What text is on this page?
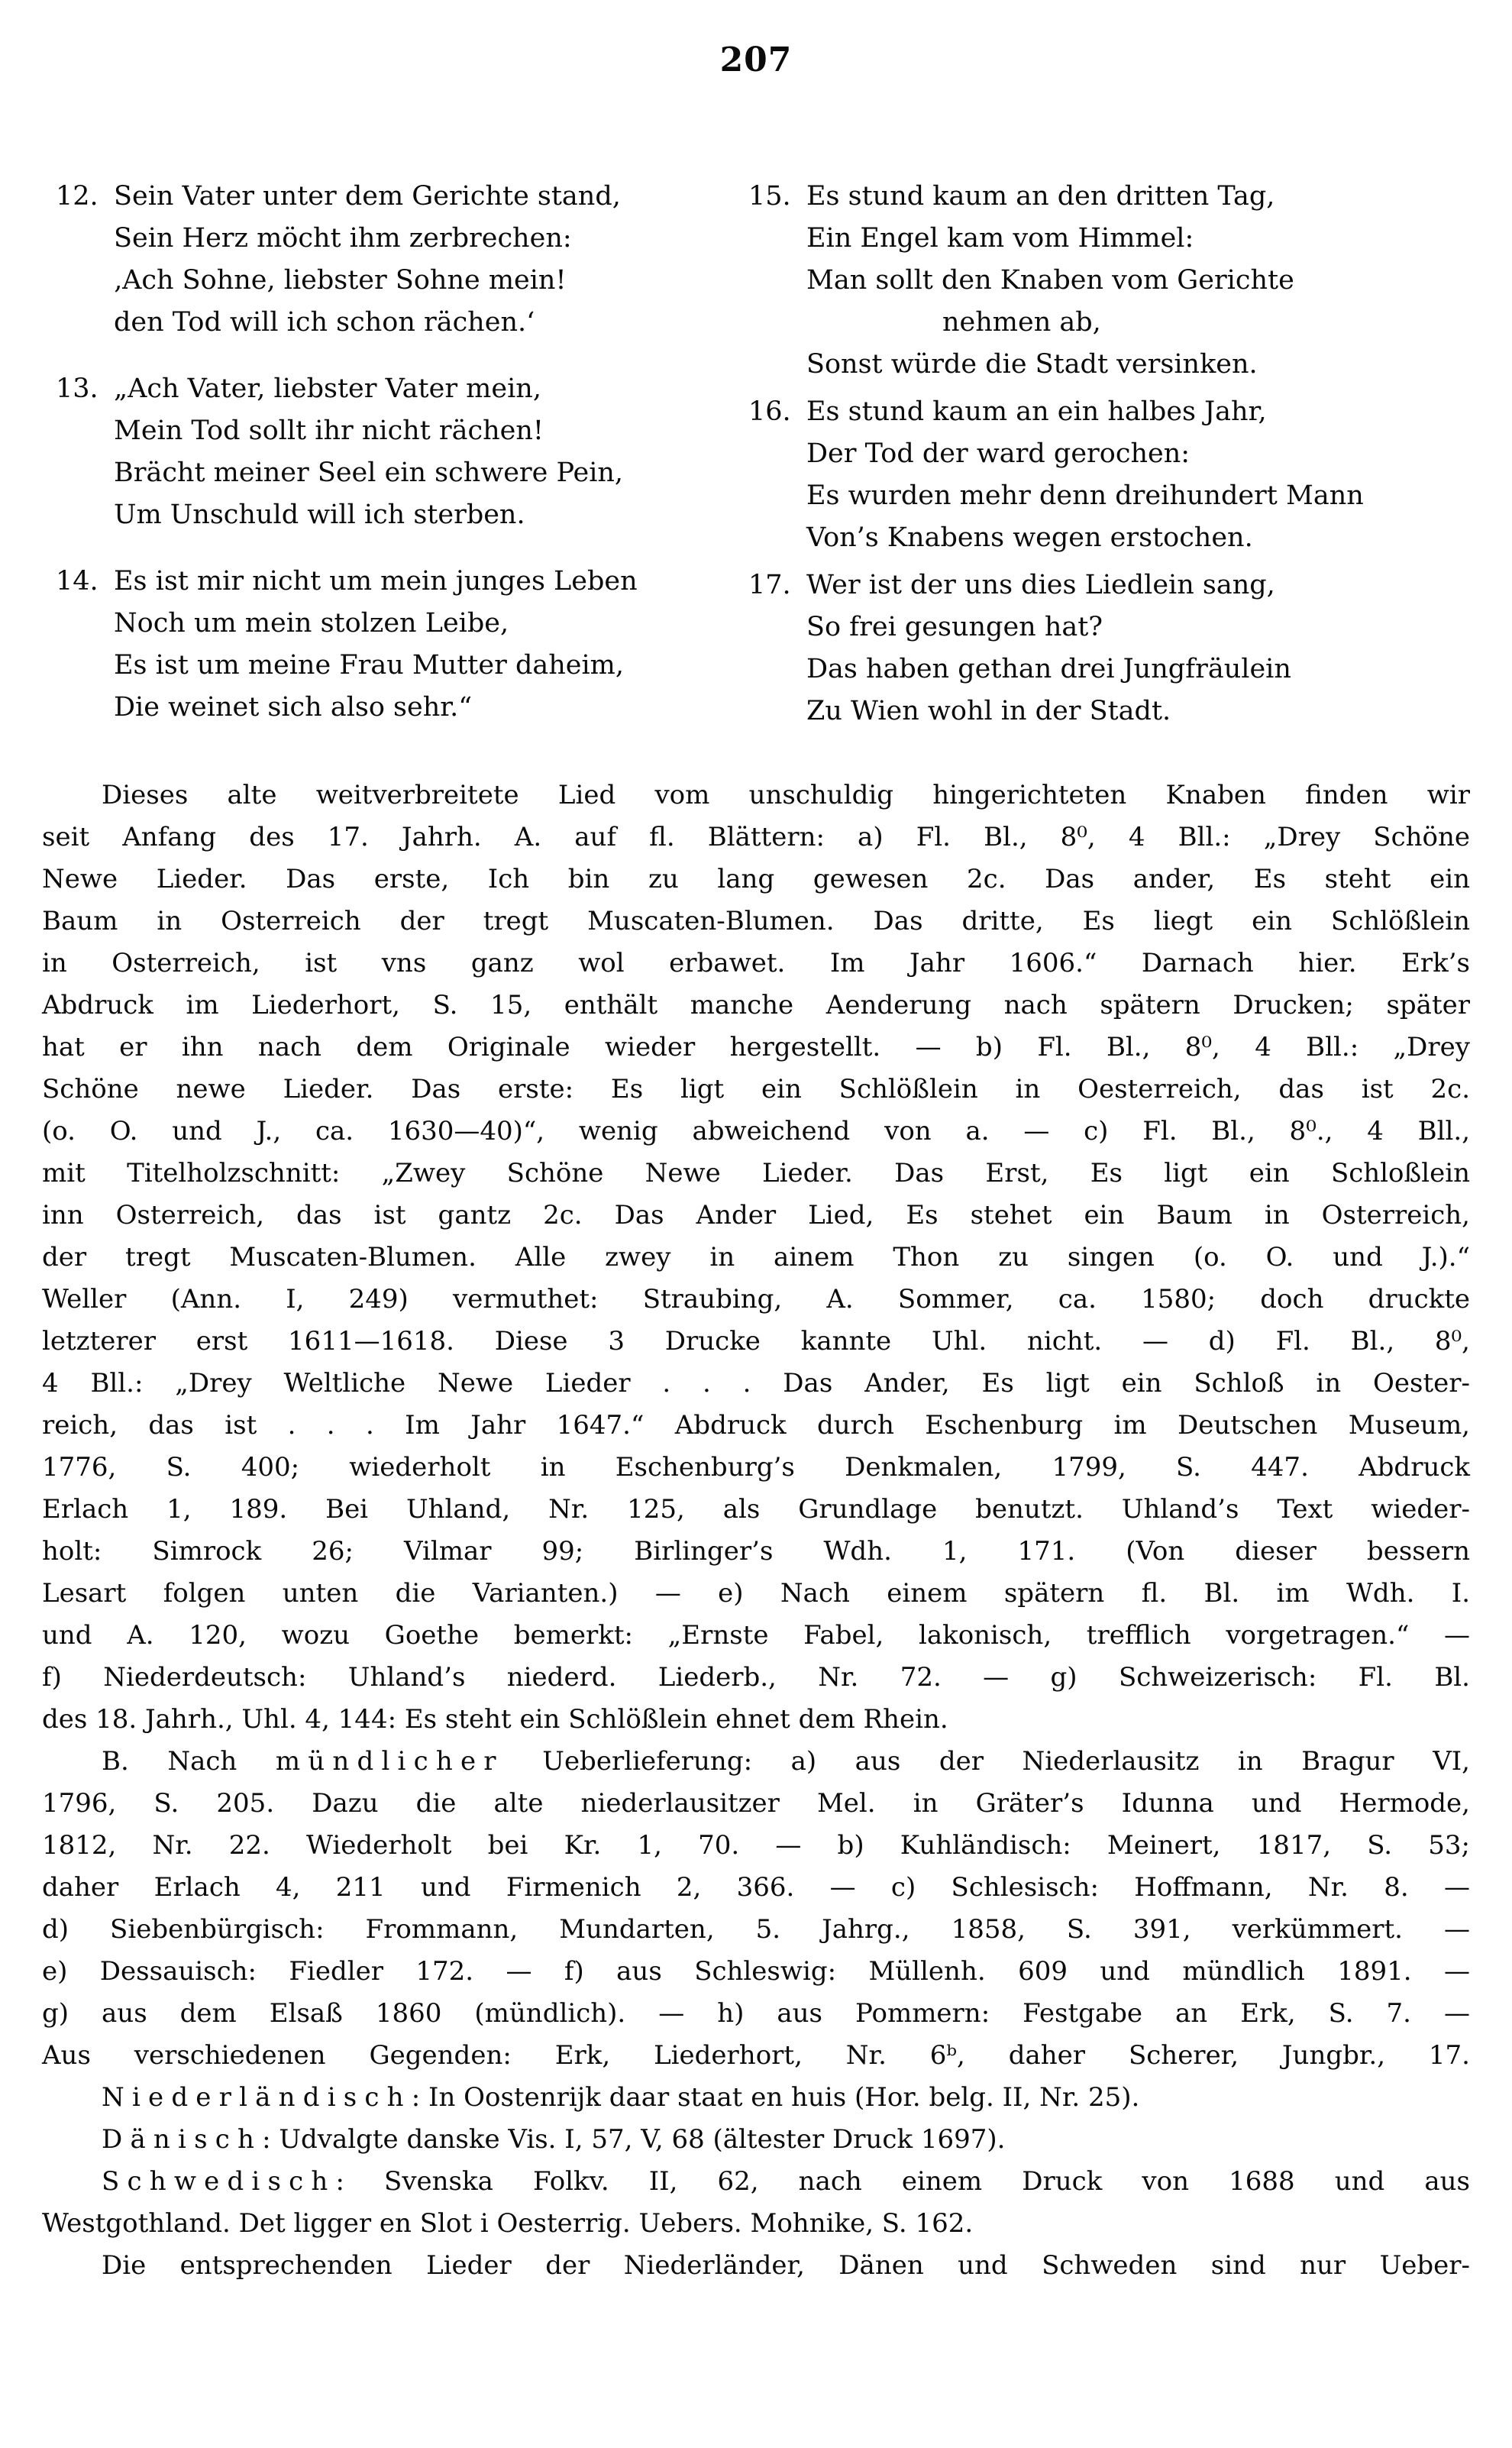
207
12. Sein Vater unter dem Gerichte stand,
Sein Herz möcht ihm zerbrechen:
‚Ach Sohne, liebster Sohne mein!
den Tod will ich schon rächen.‘
13. „Ach Vater, liebster Vater mein,
Mein Tod sollt ihr nicht rächen!
Brächt meiner Seel ein schwere Pein,
Um Unschuld will ich sterben.
14. Es ist mir nicht um mein junges Leben
Noch um mein stolzen Leibe,
Es ist um meine Frau Mutter daheim,
Die weinet sich also sehr.“
15. Es stund kaum an den dritten Tag,
Ein Engel kam vom Himmel:
Man sollt den Knaben vom Gerichte
nehmen ab,
Sonst würde die Stadt versinken.
16. Es stund kaum an ein halbes Jahr,
Der Tod der ward gerochen:
Es wurden mehr denn dreihundert Mann
Von’s Knabens wegen erstochen.
17. Wer ist der uns dies Liedlein sang,
So frei gesungen hat?
Das haben gethan drei Jungfräulein
Zu Wien wohl in der Stadt.
Dieses alte weitverbreitete Lied vom unschuldig hingerichteten Knaben finden wir
seit Anfang des 17. Jahrh. A. auf fl. Blättern: a) Fl. Bl., 8⁰, 4 Bll.: „Drey Schöne
Newe Lieder. Das erste, Ich bin zu lang gewesen 2c. Das ander, Es steht ein
Baum in Osterreich der tregt Muscaten-Blumen. Das dritte, Es liegt ein Schlößlein
in Osterreich, ist vns ganz wol erbawet. Im Jahr 1606.“ Darnach hier. Erk’s
Abdruck im Liederhort, S. 15, enthält manche Aenderung nach spätern Drucken; später
hat er ihn nach dem Originale wieder hergestellt. — b) Fl. Bl., 8⁰, 4 Bll.: „Drey
Schöne newe Lieder. Das erste: Es ligt ein Schlößlein in Oesterreich, das ist 2c.
(o. O. und J., ca. 1630—40)“, wenig abweichend von a. — c) Fl. Bl., 8⁰., 4 Bll.,
mit Titelholzschnitt: „Zwey Schöne Newe Lieder. Das Erst, Es ligt ein Schloßlein
inn Osterreich, das ist gantz 2c. Das Ander Lied, Es stehet ein Baum in Osterreich,
der tregt Muscaten-Blumen. Alle zwey in ainem Thon zu singen (o. O. und J.).“
Weller (Ann. I, 249) vermuthet: Straubing, A. Sommer, ca. 1580; doch druckte
letzterer erst 1611—1618. Diese 3 Drucke kannte Uhl. nicht. — d) Fl. Bl., 8⁰,
4 Bll.: „Drey Weltliche Newe Lieder . . . Das Ander, Es ligt ein Schloß in Oester-
reich, das ist . . . Im Jahr 1647.“ Abdruck durch Eschenburg im Deutschen Museum,
1776, S. 400; wiederholt in Eschenburg’s Denkmalen, 1799, S. 447. Abdruck
Erlach 1, 189. Bei Uhland, Nr. 125, als Grundlage benutzt. Uhland’s Text wieder-
holt: Simrock 26; Vilmar 99; Birlinger’s Wdh. 1, 171. (Von dieser bessern
Lesart folgen unten die Varianten.) — e) Nach einem spätern fl. Bl. im Wdh. I.
und A. 120, wozu Goethe bemerkt: „Ernste Fabel, lakonisch, trefflich vorgetragen.“ —
f) Niederdeutsch: Uhland’s niederd. Liederb., Nr. 72. — g) Schweizerisch: Fl. Bl.
des 18. Jahrh., Uhl. 4, 144: Es steht ein Schlößlein ehnet dem Rhein.
B. Nach mündlicher Ueberlieferung: a) aus der Niederlausitz in Bragur VI,
1796, S. 205. Dazu die alte niederlausitzer Mel. in Gräter’s Idunna und Hermode,
1812, Nr. 22. Wiederholt bei Kr. 1, 70. — b) Kuhländisch: Meinert, 1817, S. 53;
daher Erlach 4, 211 und Firmenich 2, 366. — c) Schlesisch: Hoffmann, Nr. 8. —
d) Siebenbürgisch: Frommann, Mundarten, 5. Jahrg., 1858, S. 391, verkümmert. —
e) Dessauisch: Fiedler 172. — f) aus Schleswig: Müllenh. 609 und mündlich 1891. —
g) aus dem Elsaß 1860 (mündlich). — h) aus Pommern: Festgabe an Erk, S. 7. —
Aus verschiedenen Gegenden: Erk, Liederhort, Nr. 6ᵇ, daher Scherer, Jungbr., 17.
Niederländisch: In Oostenrijk daar staat en huis (Hor. belg. II, Nr. 25).
Dänisch: Udvalgte danske Vis. I, 57, V, 68 (ältester Druck 1697).
Schwedisch: Svenska Folkv. II, 62, nach einem Druck von 1688 und aus
Westgothland. Det ligger en Slot i Oesterrig. Uebers. Mohnike, S. 162.
Die entsprechenden Lieder der Niederländer, Dänen und Schweden sind nur Ueber-
